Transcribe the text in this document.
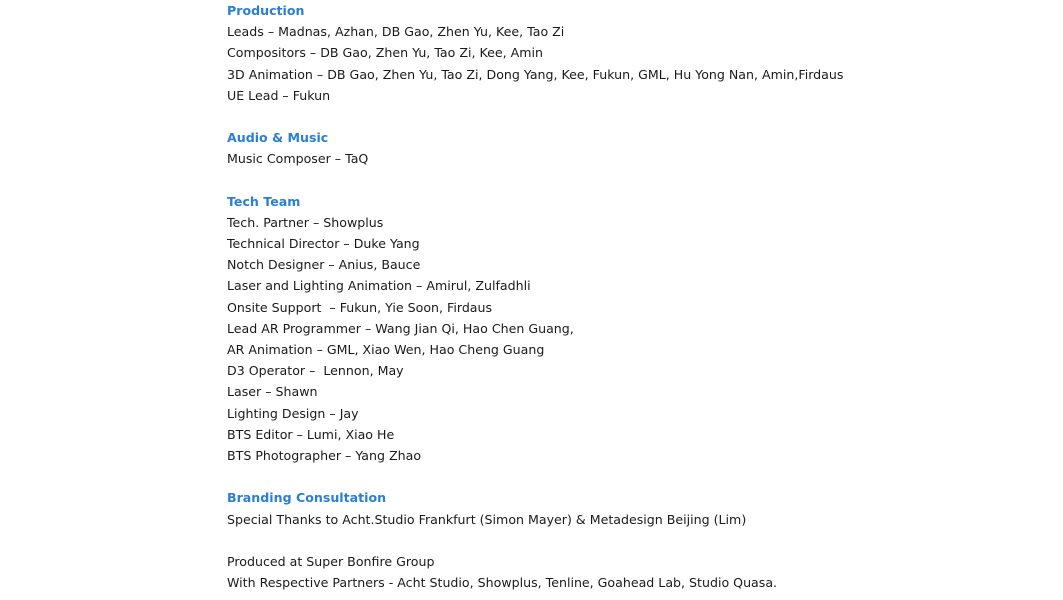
Production
Leads – Madnas, Azhan, DB Gao, Zhen Yu, Kee, Tao Zi
Compositors – DB Gao, Zhen Yu, Tao Zi, Kee, Amin
3D Animation – DB Gao, Zhen Yu, Tao Zi, Dong Yang, Kee, Fukun, GML, Hu Yong Nan, Amin,Firdaus
UE Lead – Fukun
Audio & Music
Music Composer – TaQ
Tech Team
Tech. Partner – Showplus
Technical Director – Duke Yang
Notch Designer – Anius, Bauce
Laser and Lighting Animation – Amirul, Zulfadhli
Onsite Support  – Fukun, Yie Soon, Firdaus
Lead AR Programmer – Wang Jian Qi, Hao Chen Guang,
AR Animation – GML, Xiao Wen, Hao Cheng Guang
D3 Operator –  Lennon, May
Laser – Shawn
Lighting Design – Jay
BTS Editor – Lumi, Xiao He
BTS Photographer – Yang Zhao
Branding Consultation
Special Thanks to Acht.Studio Frankfurt (Simon Mayer) & Metadesign Beijing (Lim)
Produced at Super Bonfire Group
With Respective Partners - Acht Studio, Showplus, Tenline, Goahead Lab, Studio Quasa.
